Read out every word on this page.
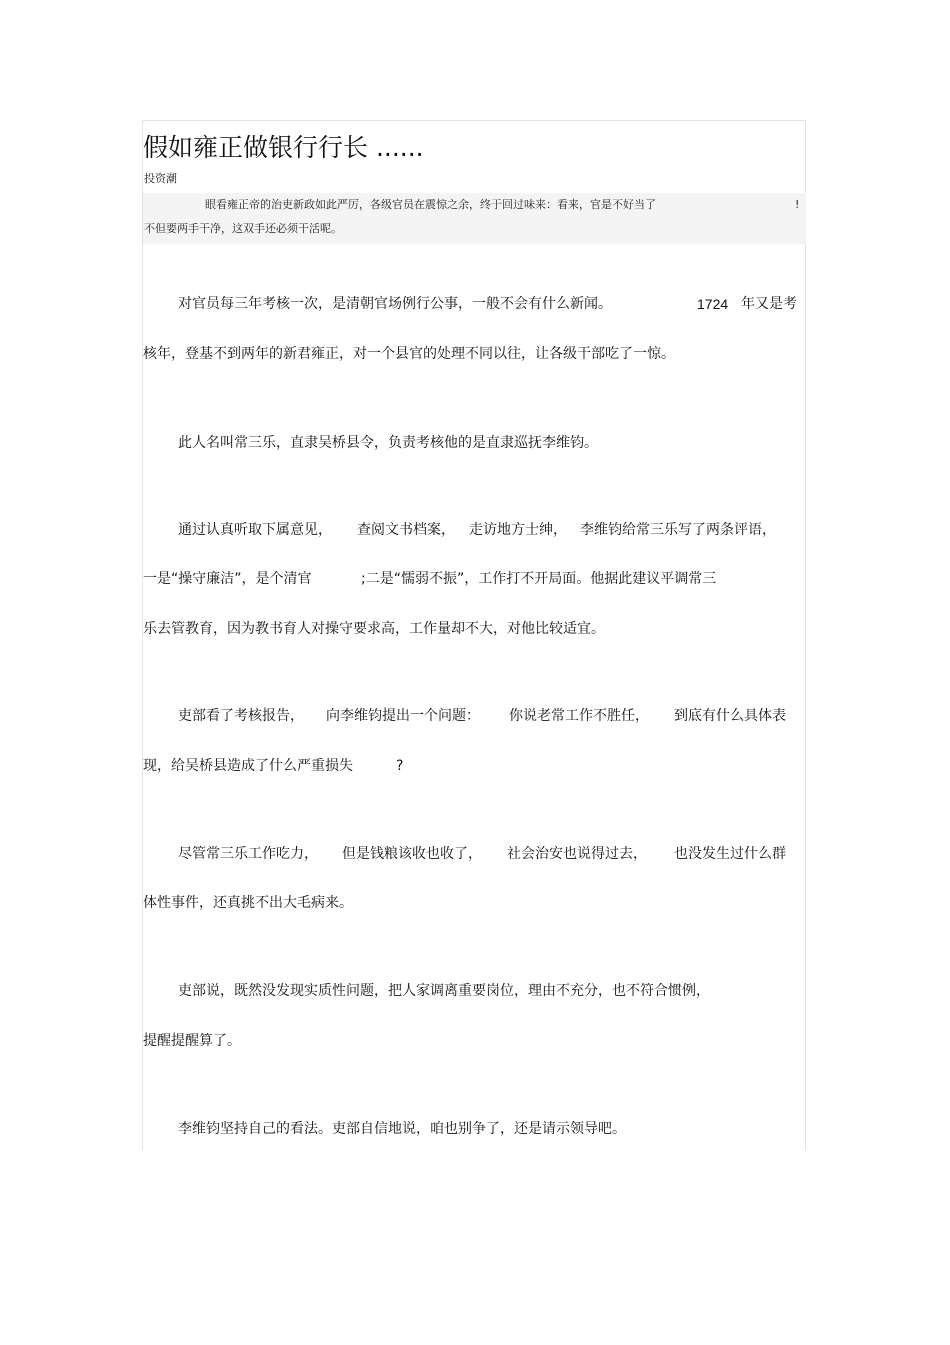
假如雍正做银行行长 ......
投资潮
眼看雍正帝的治吏新政如此严厉，各级官员在震惊之余，终于回过味来：看来，官是不好当了	!
不但要两手干净，这双手还必须干活呢。
对官员每三年考核一次，是清朝官场例行公事，一般不会有什么新闻。	1724 年又是考
核年，登基不到两年的新君雍正，对一个县官的处理不同以往，让各级干部吃了一惊。
此人名叫常三乐，直隶吴桥县令，负责考核他的是直隶巡抚李维钧。
通过认真听取下属意见， 查阅文书档案， 走访地方士绅， 李维钧给常三乐写了两条评语，
一是“操守廉洁”，是个清官	;二是“懦弱不振”，工作打不开局面。他据此建议平调常三
乐去管教育，因为教书育人对操守要求高，工作量却不大，对他比较适宜。
吏部看了考核报告， 向李维钧提出一个问题： 你说老常工作不胜任， 到底有什么具体表
现，给吴桥县造成了什么严重损失	?
尽管常三乐工作吃力， 但是钱粮该收也收了， 社会治安也说得过去， 也没发生过什么群
体性事件，还真挑不出大毛病来。
吏部说，既然没发现实质性问题，把人家调离重要岗位，理由不充分，也不符合惯例，
提醒提醒算了。
李维钧坚持自己的看法。吏部自信地说，咱也别争了，还是请示领导吧。
